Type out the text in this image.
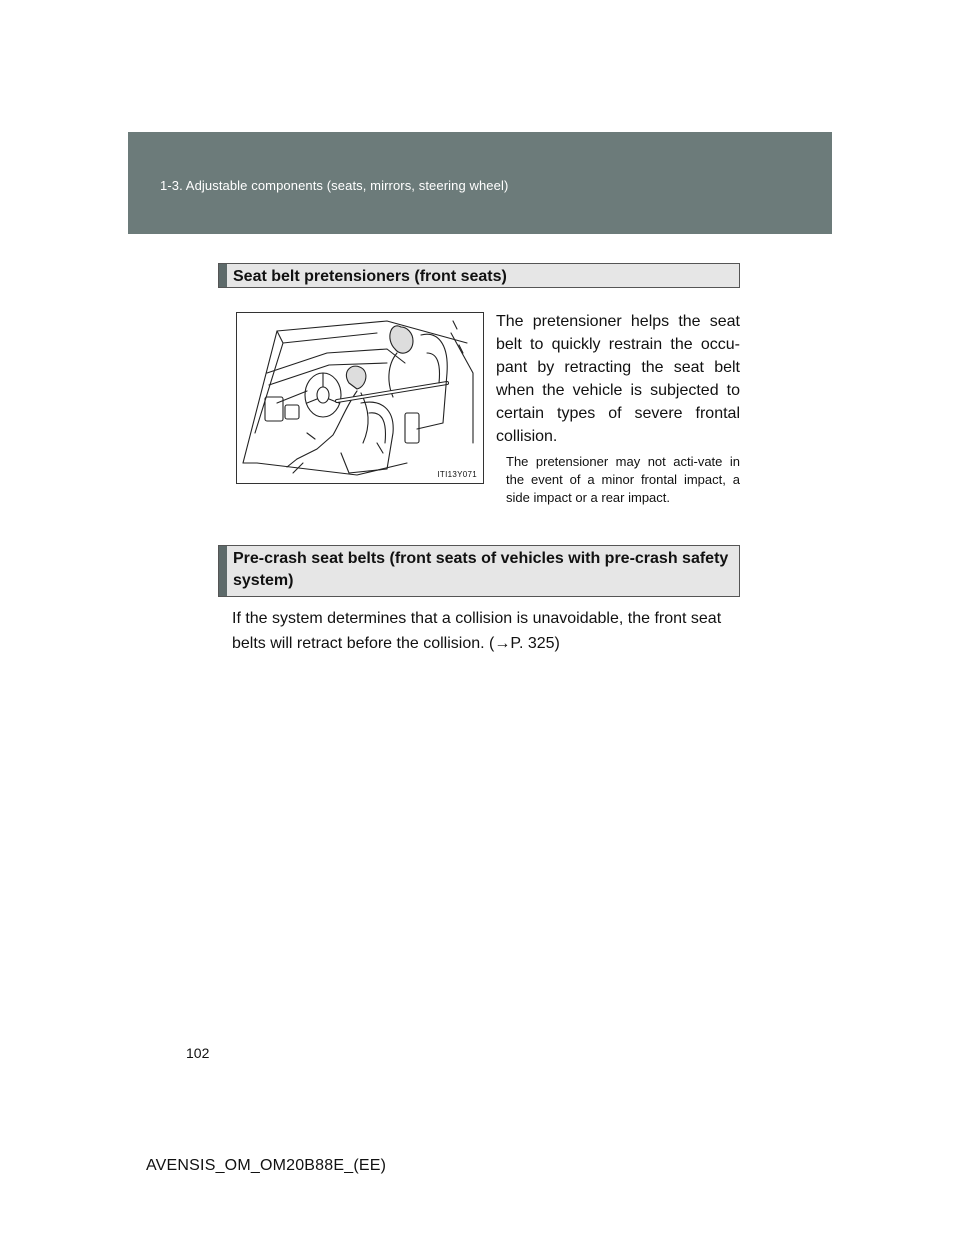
1-3. Adjustable components (seats, mirrors, steering wheel)
Seat belt pretensioners (front seats)
ITI13Y071
The pretensioner helps the seat belt to quickly restrain the occu-pant by retracting the seat belt when the vehicle is subjected to certain types of severe frontal collision.
The pretensioner may not acti-vate in the event of a minor frontal impact, a side impact or a rear impact.
Pre-crash seat belts (front seats of vehicles with pre-crash safety system)
If the system determines that a collision is unavoidable, the front seat belts will retract before the collision. (→P. 325)
102
AVENSIS_OM_OM20B88E_(EE)
